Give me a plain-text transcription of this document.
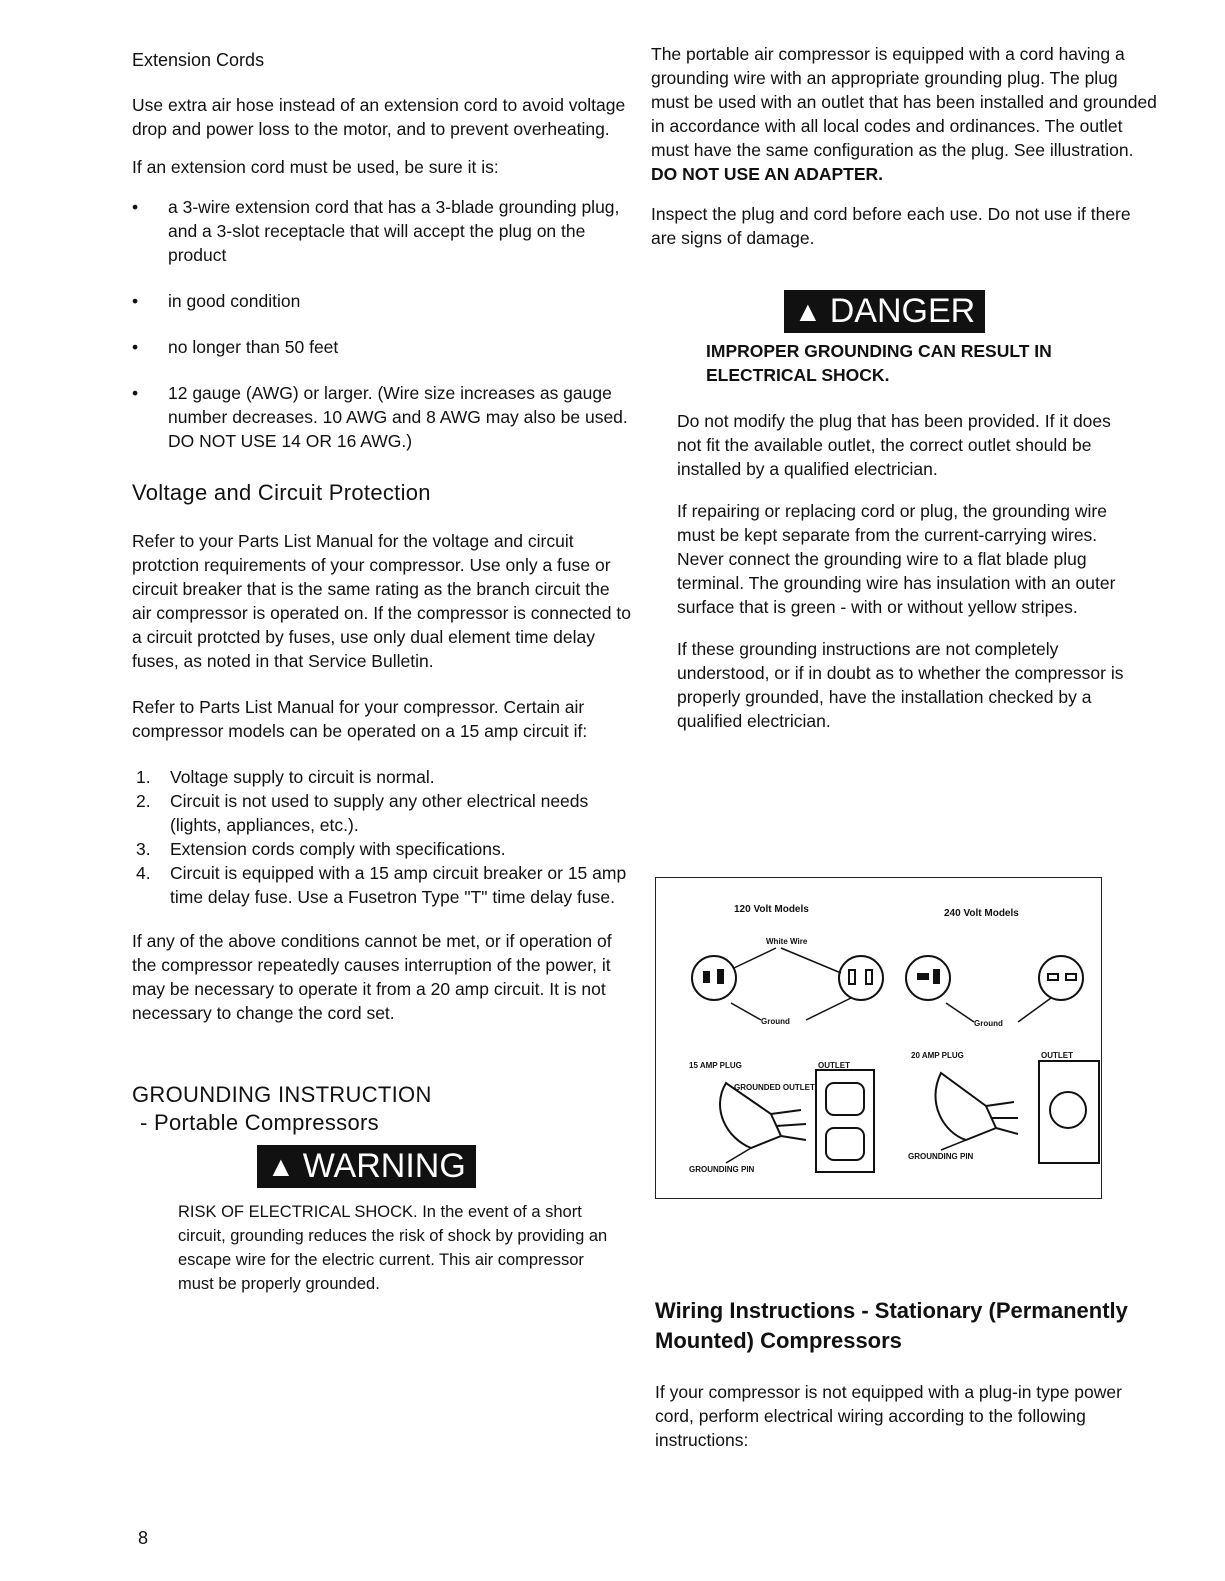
Extension Cords

Use extra air hose instead of an extension cord to avoid voltage drop and power loss to the motor, and to prevent overheating.

If an extension cord must be used, be sure it is:

•	a 3-wire extension cord that has a 3-blade grounding plug, and a 3-slot receptacle that will accept the plug on the product
•	in good condition
•	no longer than 50 feet
•	12 gauge (AWG) or larger. (Wire size increases as gauge number decreases. 10 AWG and 8 AWG may also be used. DO NOT USE 14 OR 16 AWG.)
Voltage and Circuit Protection

Refer to your Parts List Manual for the voltage and circuit protction requirements of your compressor. Use only a fuse or circuit breaker that is the same rating as the branch circuit the air compressor is operated on. If the compressor is connected to a circuit protcted by fuses, use only dual element time delay fuses, as noted in that Service Bulletin.

Refer to Parts List Manual for your compressor. Certain air compressor models can be operated on a 15 amp circuit if:

1. Voltage supply to circuit is normal.
2. Circuit is not used to supply any other electrical needs (lights, appliances, etc.).
3. Extension cords comply with specifications.
4. Circuit is equipped with a 15 amp circuit breaker or 15 amp time delay fuse. Use a Fusetron Type "T" time delay fuse.

If any of the above conditions cannot be met, or if operation of the compressor repeatedly causes interruption of the power, it may be necessary to operate it from a 20 amp circuit. It is not necessary to change the cord set.

GROUNDING INSTRUCTION
- Portable Compressors
▲ WARNING

RISK OF ELECTRICAL SHOCK. In the event of a short circuit, grounding reduces the risk of shock by providing an escape wire for the electric current. This air compressor must be properly grounded.

The portable air compressor is equipped with a cord having a grounding wire with an appropriate grounding plug. The plug must be used with an outlet that has been installed and grounded in accordance with all local codes and ordinances. The outlet must have the same configuration as the plug. See illustration. DO NOT USE AN ADAPTER.

Inspect the plug and cord before each use. Do not use if there are signs of damage.

▲ DANGER

IMPROPER GROUNDING CAN RESULT IN ELECTRICAL SHOCK.

Do not modify the plug that has been provided. If it does not fit the available outlet, the correct outlet should be installed by a qualified electrician.

If repairing or replacing cord or plug, the grounding wire must be kept separate from the current-carrying wires. Never connect the grounding wire to a flat blade plug terminal. The grounding wire has insulation with an outer surface that is green - with or without yellow stripes.

If these grounding instructions are not completely understood, or if in doubt as to whether the compressor is properly grounded, have the installation checked by a qualified electrician.

120 Volt Models	240 Volt Models
White Wire
Ground	Ground
15 AMP PLUG	OUTLET
GROUNDED OUTLET
GROUNDING PIN
20 AMP PLUG	OUTLET
GROUNDING PIN
Wiring Instructions - Stationary (Permanently Mounted) Compressors

If your compressor is not equipped with a plug-in type power cord, perform electrical wiring according to the following instructions:

8
